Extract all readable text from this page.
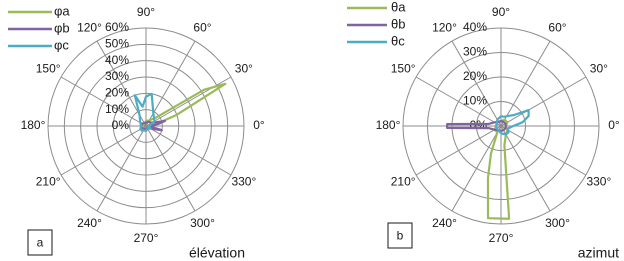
90°
60°
30°
0°
330°
300°
270°
240°
210°
180°
150°
120°
0%
10%
20%
30%
40%
50%
60%
φa
φb
φc
a
élévation
90°
60°
30°
0°
330°
300°
270°
240°
210°
180°
150°
120°
0%
10%
20%
30%
40%
θa
θb
θc
b
azimut
